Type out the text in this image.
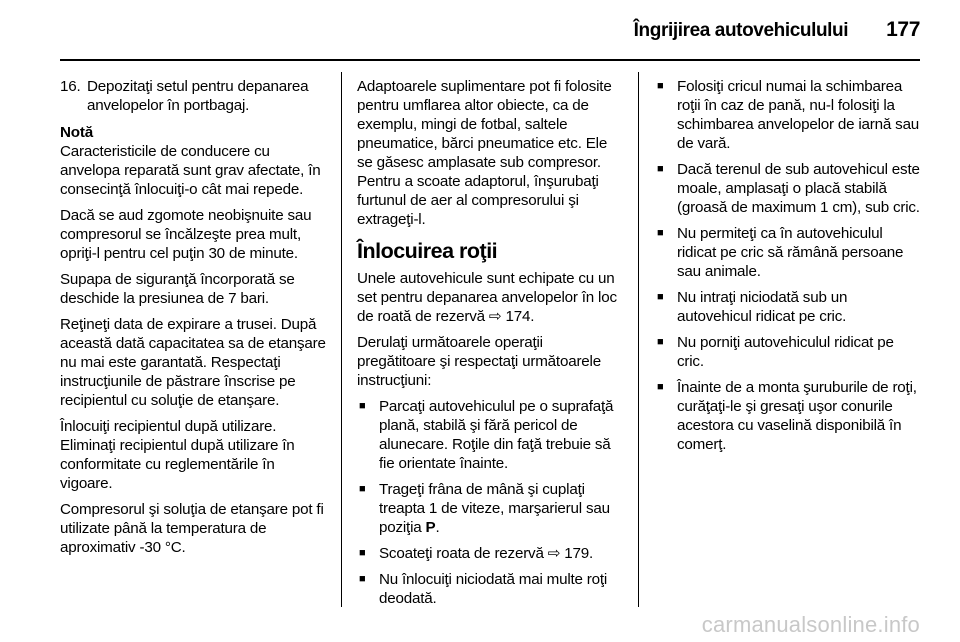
Îngrijirea autovehiculului 177
16. Depozitaţi setul pentru depanarea anvelopelor în portbagaj.

Notă

Caracteristicile de conducere cu anvelopa reparată sunt grav afectate, în consecinţă înlocuiţi-o cât mai repede.

Dacă se aud zgomote neobişnuite sau compresorul se încălzeşte prea mult, opriţi-l pentru cel puţin 30 de minute.

Supapa de siguranţă încorporată se deschide la presiunea de 7 bari.

Reţineţi data de expirare a trusei. După această dată capacitatea sa de etanşare nu mai este garantată. Respectaţi instrucţiunile de păstrare înscrise pe recipientul cu soluţie de etanşare.

Înlocuiţi recipientul după utilizare. Eliminaţi recipientul după utilizare în conformitate cu reglementările în vigoare.

Compresorul şi soluţia de etanşare pot fi utilizate până la temperatura de aproximativ -30 °C.

Adaptoarele suplimentare pot fi folosite pentru umflarea altor obiecte, ca de exemplu, mingi de fotbal, saltele pneumatice, bărci pneumatice etc. Ele se găsesc amplasate sub compresor. Pentru a scoate adaptorul, înşurubaţi furtunul de aer al compresorului şi extrageţi-l.

Înlocuirea roţii

Unele autovehicule sunt echipate cu un set pentru depanarea anvelopelor în loc de roată de rezervă ⇨ 174.

Derulaţi următoarele operaţii pregătitoare şi respectaţi următoarele instrucţiuni:

■ Parcaţi autovehiculul pe o suprafaţă plană, stabilă şi fără pericol de alunecare. Roţile din faţă trebuie să fie orientate înainte.
■ Trageţi frâna de mână şi cuplaţi treapta 1 de viteze, marşarierul sau poziţia P.
■ Scoateţi roata de rezervă ⇨ 179.
■ Nu înlocuiţi niciodată mai multe roţi deodată.
■ Folosiţi cricul numai la schimbarea roţii în caz de pană, nu-l folosiţi la schimbarea anvelopelor de iarnă sau de vară.
■ Dacă terenul de sub autovehicul este moale, amplasaţi o placă stabilă (groasă de maximum 1 cm), sub cric.
■ Nu permiteţi ca în autovehiculul ridicat pe cric să rămână persoane sau animale.
■ Nu intraţi niciodată sub un autovehicul ridicat pe cric.
■ Nu porniţi autovehiculul ridicat pe cric.
■ Înainte de a monta şuruburile de roţi, curăţaţi-le şi gresaţi uşor conurile acestora cu vaselină disponibilă în comerţ.
carmanualsonline.info
